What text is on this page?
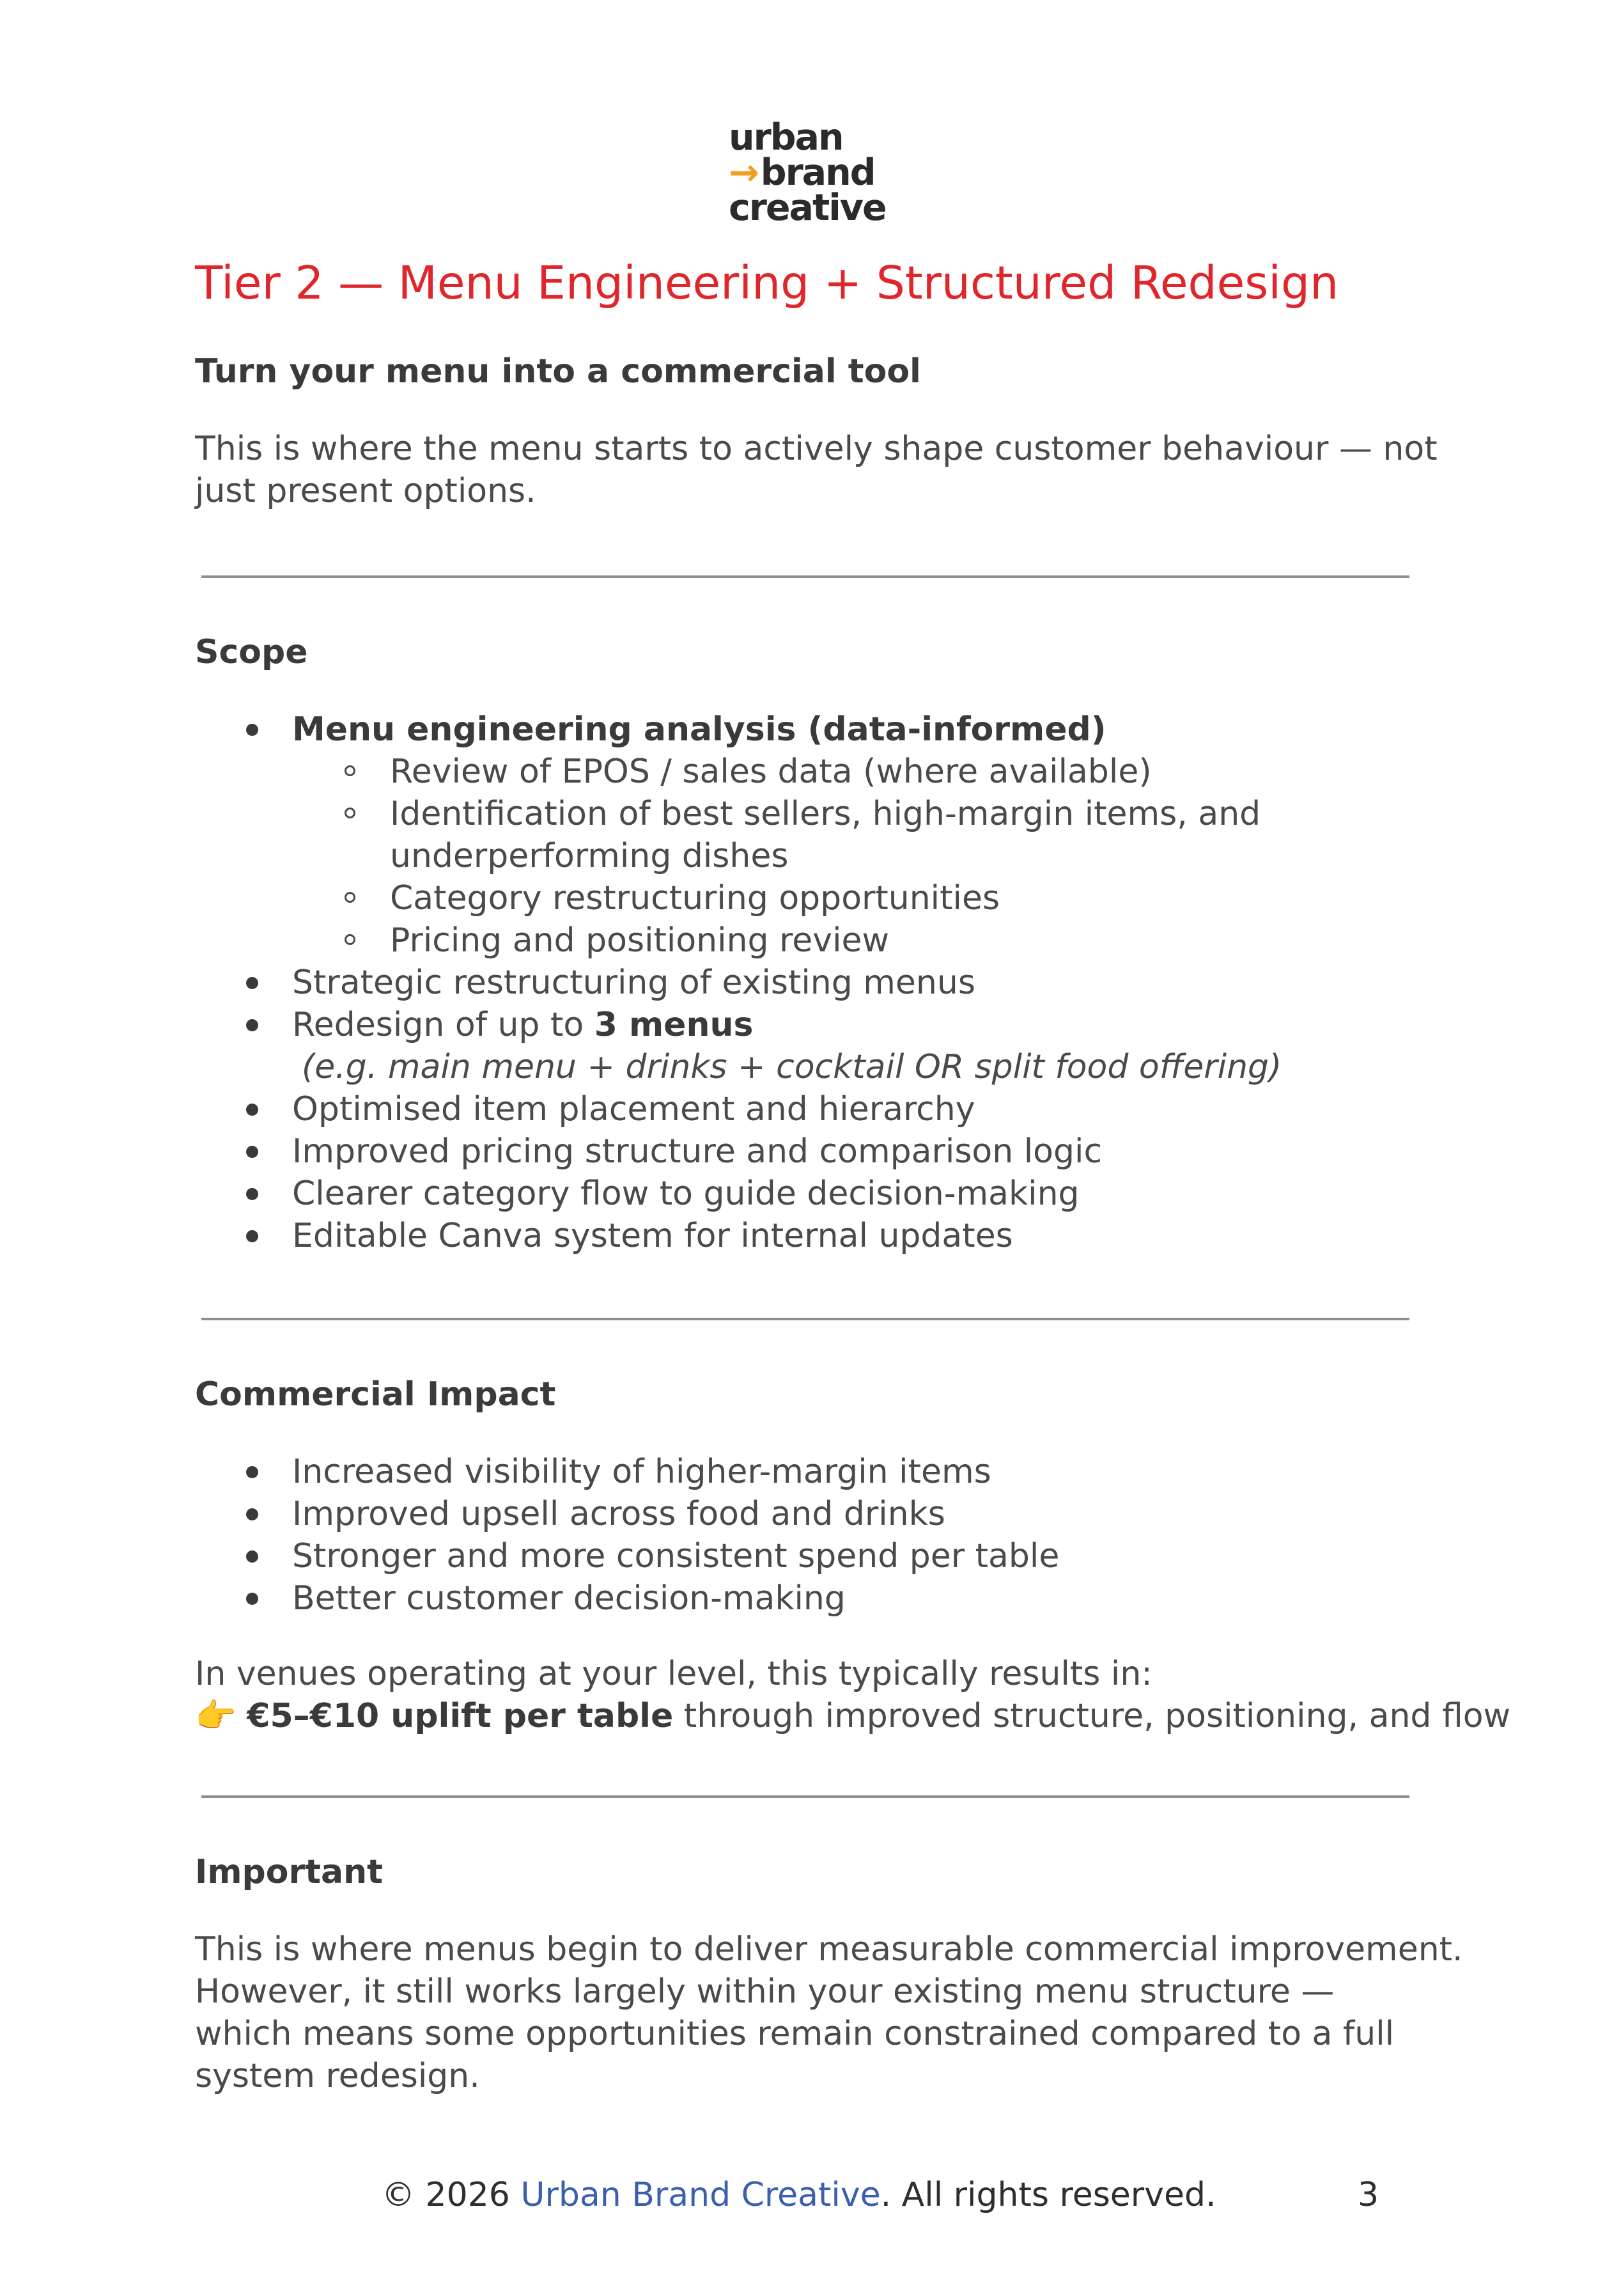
urban
→brand
creative
Tier 2 — Menu Engineering + Structured Redesign
Turn your menu into a commercial tool

This is where the menu starts to actively shape customer behaviour — not
just present options.

Scope
Menu engineering analysis (data-informed)
Review of EPOS / sales data (where available)
Identification of best sellers, high-margin items, and
underperforming dishes
Category restructuring opportunities
Pricing and positioning review
Strategic restructuring of existing menus
Redesign of up to 3 menus
(e.g. main menu + drinks + cocktail OR split food offering)
Optimised item placement and hierarchy
Improved pricing structure and comparison logic
Clearer category flow to guide decision-making
Editable Canva system for internal updates
Commercial Impact
Increased visibility of higher-margin items
Improved upsell across food and drinks
Stronger and more consistent spend per table
Better customer decision-making

In venues operating at your level, this typically results in:
👉 €5–€10 uplift per table through improved structure, positioning, and flow

Important

This is where menus begin to deliver measurable commercial improvement.
However, it still works largely within your existing menu structure —
which means some opportunities remain constrained compared to a full
system redesign.

© 2026 Urban Brand Creative. All rights reserved.	3
